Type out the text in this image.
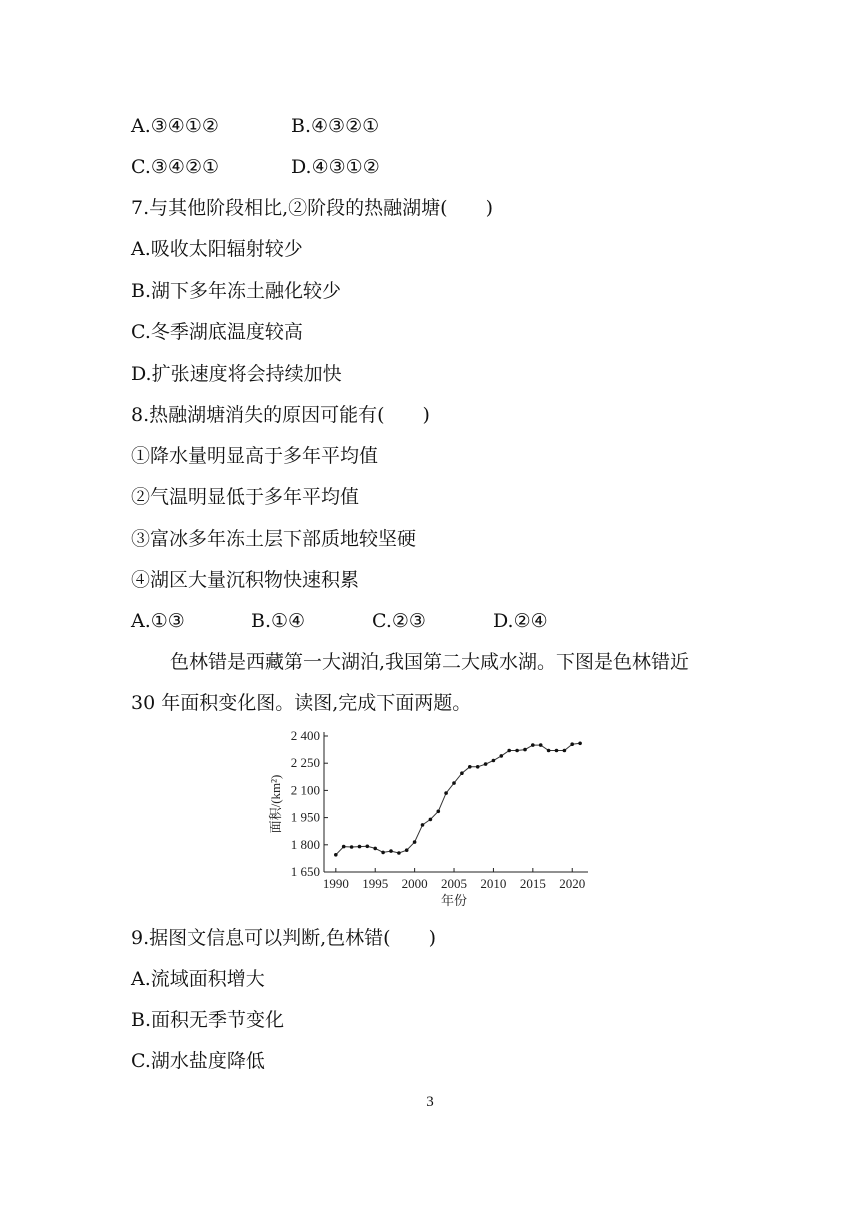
A.③④①②	B.④③②①
C.③④②①	D.④③①②
7.与其他阶段相比,②阶段的热融湖塘(　　)
A.吸收太阳辐射较少
B.湖下多年冻土融化较少
C.冬季湖底温度较高
D.扩张速度将会持续加快
8.热融湖塘消失的原因可能有(　　)
①降水量明显高于多年平均值
②气温明显低于多年平均值
③富冰多年冻土层下部质地较坚硬
④湖区大量沉积物快速积累
A.①③	B.①④	C.②③	D.②④
色林错是西藏第一大湖泊,我国第二大咸水湖。下图是色林错近
30 年面积变化图。读图,完成下面两题。
1 650
1 800
1 950
2 100
2 250
2 400
1990 1995 2000 2005 2010 2015 2020
年份
面积/(km²)
9.据图文信息可以判断,色林错(　　)
A.流域面积增大
B.面积无季节变化
C.湖水盐度降低
3
